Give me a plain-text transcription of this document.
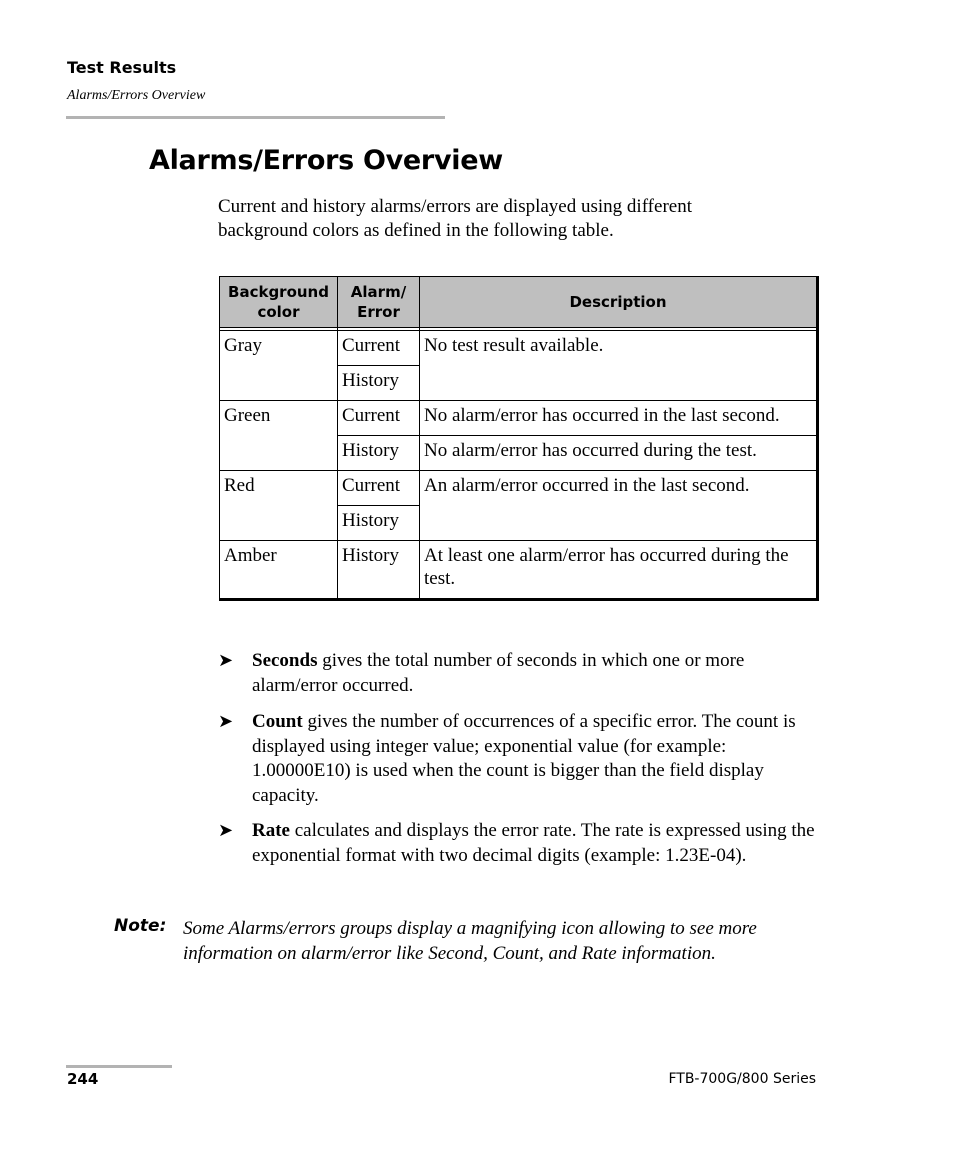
Test Results
Alarms/Errors Overview
Alarms/Errors Overview

Current and history alarms/errors are displayed using different background colors as defined in the following table.

Background color	Alarm/ Error	Description

Gray	Current	No test result available.
	History	
Green	Current	No alarm/error has occurred in the last second.
	History	No alarm/error has occurred during the test.
Red	Current	An alarm/error occurred in the last second.
	History	
Amber	History	At least one alarm/error has occurred during the test.
➤ Seconds gives the total number of seconds in which one or more alarm/error occurred.
➤ Count gives the number of occurrences of a specific error. The count is displayed using integer value; exponential value (for example: 1.00000E10) is used when the count is bigger than the field display capacity.
➤ Rate calculates and displays the error rate. The rate is expressed using the exponential format with two decimal digits (example: 1.23E-04).
Note: Some Alarms/errors groups display a magnifying icon allowing to see more information on alarm/error like Second, Count, and Rate information.
244	FTB-700G/800 Series
